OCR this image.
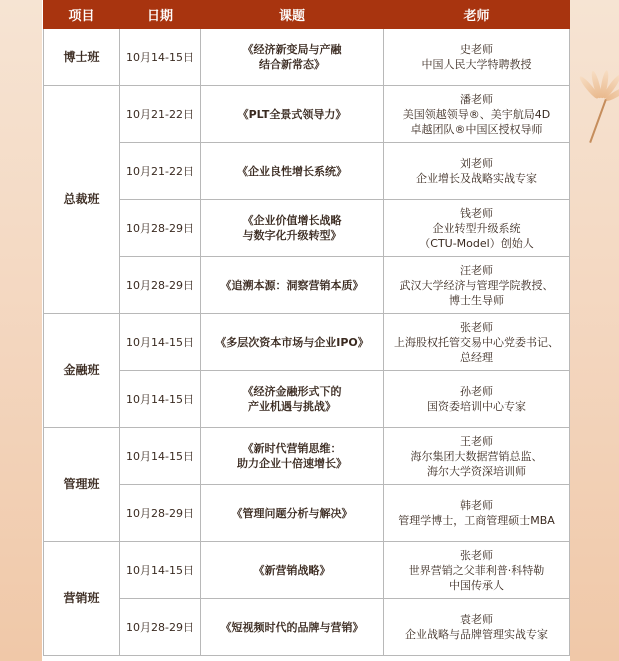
项目	日期	课题	老师
博士班	10月14-15日	《经济新变局与产融
结合新常态》	史老师
中国人民大学特聘教授
总裁班	10月21-22日	《PLT全景式领导力》	潘老师
美国领越领导®、美宇航局4D
卓越团队®中国区授权导师
	10月21-22日	《企业良性增长系统》	刘老师
企业增长及战略实战专家
	10月28-29日	《企业价值增长战略
与数字化升级转型》	钱老师
企业转型升级系统
（CTU-Model）创始人
	10月28-29日	《追溯本源：洞察营销本质》	汪老师
武汉大学经济与管理学院教授、
博士生导师
金融班	10月14-15日	《多层次资本市场与企业IPO》	张老师
上海股权托管交易中心党委书记、
总经理
	10月14-15日	《经济金融形式下的
产业机遇与挑战》	孙老师
国资委培训中心专家
管理班	10月14-15日	《新时代营销思维：
助力企业十倍速增长》	王老师
海尔集团大数据营销总监、
海尔大学资深培训师
	10月28-29日	《管理问题分析与解决》	韩老师
管理学博士，工商管理硕士MBA
营销班	10月14-15日	《新营销战略》	张老师
世界营销之父菲利普·科特勒
中国传承人
	10月28-29日	《短视频时代的品牌与营销》	袁老师
企业战略与品牌管理实战专家
